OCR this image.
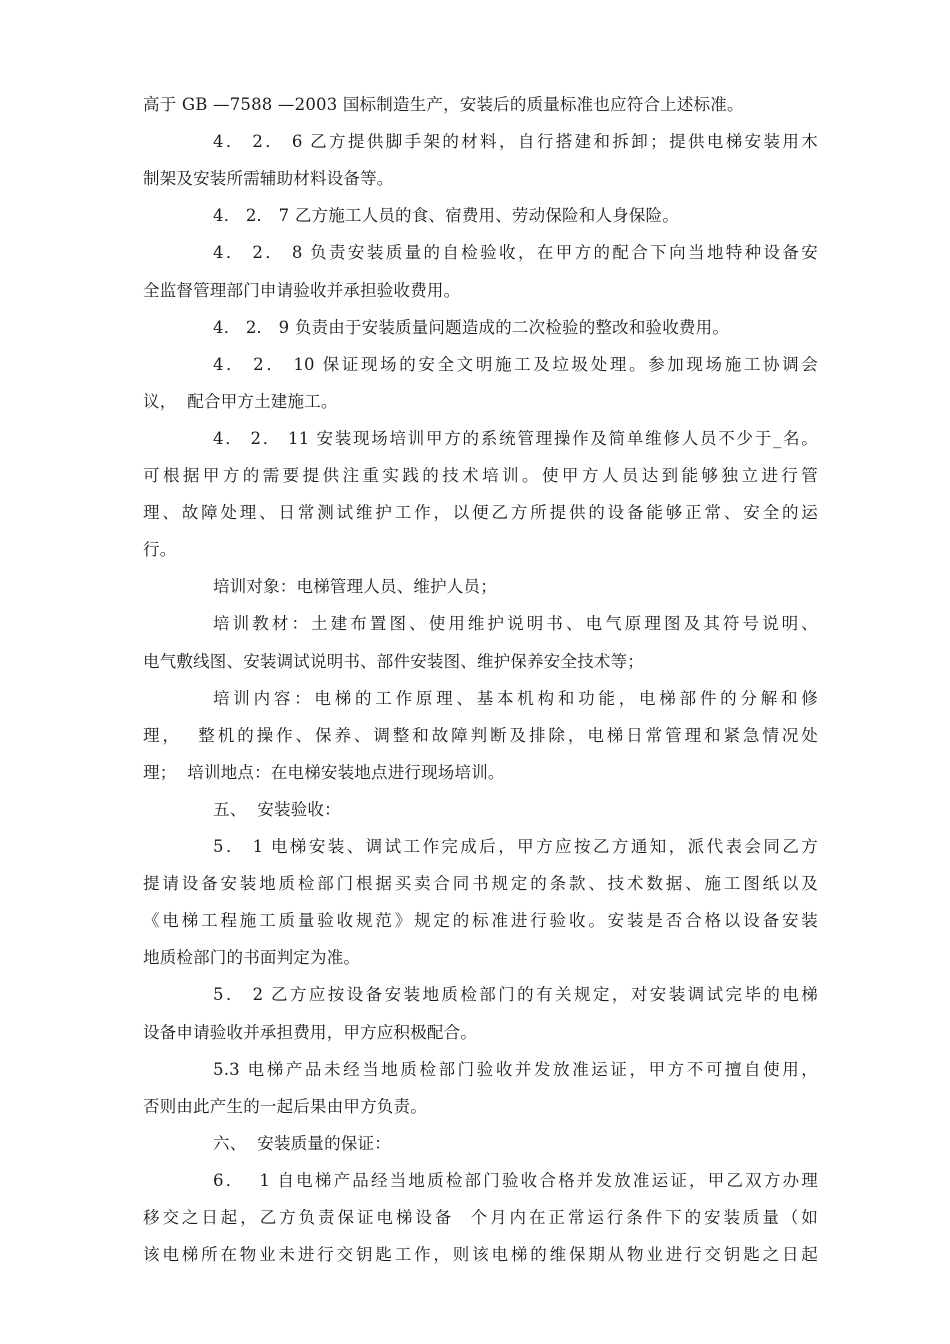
高于 GB —7588 —2003 国标制造生产，安装后的质量标准也应符合上述标准。
4． 2． 6 乙方提供脚手架的材料，自行搭建和拆卸；提供电梯安装用木
制架及安装所需辅助材料设备等。
4． 2． 7 乙方施工人员的食、宿费用、劳动保险和人身保险。
4． 2． 8 负责安装质量的自检验收，在甲方的配合下向当地特种设备安
全监督管理部门申请验收并承担验收费用。
4． 2． 9 负责由于安装质量问题造成的二次检验的整改和验收费用。
4． 2． 10 保证现场的安全文明施工及垃圾处理。参加现场施工协调会
议，  配合甲方土建施工。
4． 2． 11 安装现场培训甲方的系统管理操作及简单维修人员不少于_名。
可根据甲方的需要提供注重实践的技术培训。使甲方人员达到能够独立进行管
理、故障处理、日常测试维护工作，以便乙方所提供的设备能够正常、安全的运
行。
培训对象：电梯管理人员、维护人员；
培训教材：土建布置图、使用维护说明书、电气原理图及其符号说明、
电气敷线图、安装调试说明书、部件安装图、维护保养安全技术等；
培训内容：电梯的工作原理、基本机构和功能，电梯部件的分解和修
理，  整机的操作、保养、调整和故障判断及排除，电梯日常管理和紧急情况处
理；  培训地点：在电梯安装地点进行现场培训。
五、  安装验收：
5． 1 电梯安装、调试工作完成后，甲方应按乙方通知，派代表会同乙方
提请设备安装地质检部门根据买卖合同书规定的条款、技术数据、施工图纸以及
《电梯工程施工质量验收规范》规定的标准进行验收。安装是否合格以设备安装
地质检部门的书面判定为准。
5． 2 乙方应按设备安装地质检部门的有关规定，对安装调试完毕的电梯
设备申请验收并承担费用，甲方应积极配合。
5.3 电梯产品未经当地质检部门验收并发放准运证，甲方不可擅自使用，
否则由此产生的一起后果由甲方负责。
六、  安装质量的保证：
6．  1 自电梯产品经当地质检部门验收合格并发放准运证，甲乙双方办理
移交之日起，乙方负责保证电梯设备  个月内在正常运行条件下的安装质量（如
该电梯所在物业未进行交钥匙工作，则该电梯的维保期从物业进行交钥匙之日起
